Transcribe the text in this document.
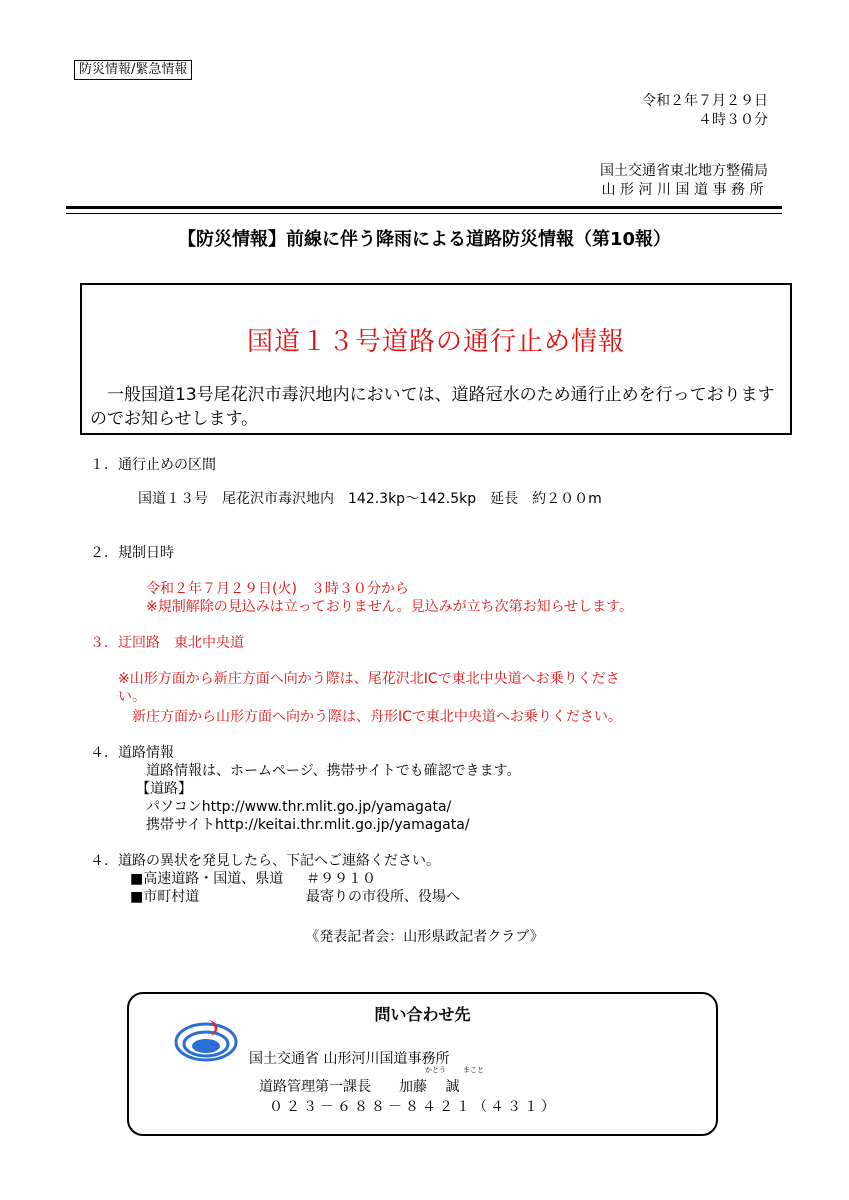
防災情報/緊急情報
令和２年７月２９日
４時３０分
国土交通省東北地方整備局
山形河川国道事務所
【防災情報】前線に伴う降雨による道路防災情報（第10報）
国道１３号道路の通行止め情報
　一般国道13号尾花沢市毒沢地内においては、道路冠水のため通行止めを行っておりますのでお知らせします。
１．通行止めの区間
国道１３号　尾花沢市毒沢地内　142.3kp～142.5kp　延長　約２００m
２．規制日時
令和２年７月２９日(火)　３時３０分から
※規制解除の見込みは立っておりません。見込みが立ち次第お知らせします。
３．迂回路　東北中央道
※山形方面から新庄方面へ向かう際は、尾花沢北ICで東北中央道へお乗りくださ
い。
新庄方面から山形方面へ向かう際は、舟形ICで東北中央道へお乗りください。
４．道路情報
道路情報は、ホームページ、携帯サイトでも確認できます。
【道路】
パソコンhttp://www.thr.mlit.go.jp/yamagata/
携帯サイトhttp://keitai.thr.mlit.go.jp/yamagata/
４．道路の異状を発見したら、下記へご連絡ください。
■高速道路・国道、県道 ＃９９１０
■市町村道	最寄りの市役所、役場へ
《発表記者会：山形県政記者クラブ》
問い合わせ先
国土交通省 山形河川国道事務所
かとう まこと
道路管理第一課長　　加藤　 誠
０２３－６８８－８４２１（４３１）
